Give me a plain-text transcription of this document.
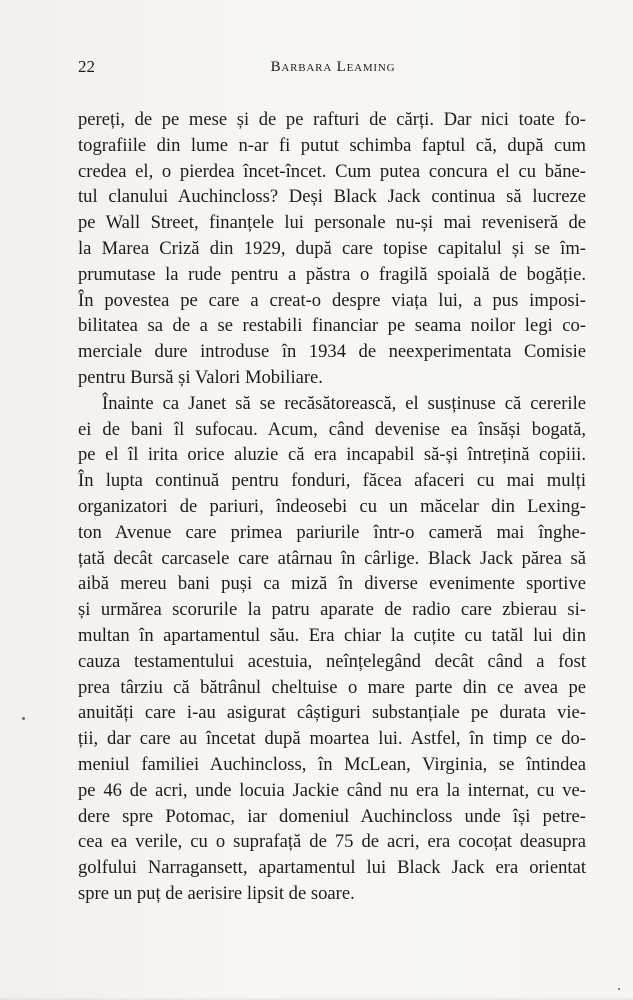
22	Barbara Leaming
pereți, de pe mese și de pe rafturi de cărți. Dar nici toate fo-
tografiile din lume n-ar fi putut schimba faptul că, după cum
credea el, o pierdea încet-încet. Cum putea concura el cu băne-
tul clanului Auchincloss? Deși Black Jack continua să lucreze
pe Wall Street, finanțele lui personale nu-și mai reveniseră de
la Marea Criză din 1929, după care topise capitalul și se îm-
prumutase la rude pentru a păstra o fragilă spoială de bogăție.
În povestea pe care a creat-o despre viața lui, a pus imposi-
bilitatea sa de a se restabili financiar pe seama noilor legi co-
merciale dure introduse în 1934 de neexperimentata Comisie
pentru Bursă și Valori Mobiliare.
Înainte ca Janet să se recăsătorească, el susținuse că cererile
ei de bani îl sufocau. Acum, când devenise ea însăși bogată,
pe el îl irita orice aluzie că era incapabil să-și întrețină copiii.
În lupta continuă pentru fonduri, făcea afaceri cu mai mulți
organizatori de pariuri, îndeosebi cu un măcelar din Lexing-
ton Avenue care primea pariurile într-o cameră mai înghe-
țată decât carcasele care atârnau în cârlige. Black Jack părea să
aibă mereu bani puși ca miză în diverse evenimente sportive
și urmărea scorurile la patru aparate de radio care zbierau si-
multan în apartamentul său. Era chiar la cuțite cu tatăl lui din
cauza testamentului acestuia, neînțelegând decât când a fost
prea târziu că bătrânul cheltuise o mare parte din ce avea pe
anuități care i-au asigurat câștiguri substanțiale pe durata vie-
ții, dar care au încetat după moartea lui. Astfel, în timp ce do-
meniul familiei Auchincloss, în McLean, Virginia, se întindea
pe 46 de acri, unde locuia Jackie când nu era la internat, cu ve-
dere spre Potomac, iar domeniul Auchincloss unde își petre-
cea ea verile, cu o suprafață de 75 de acri, era cocoțat deasupra
golfului Narragansett, apartamentul lui Black Jack era orientat
spre un puț de aerisire lipsit de soare.
